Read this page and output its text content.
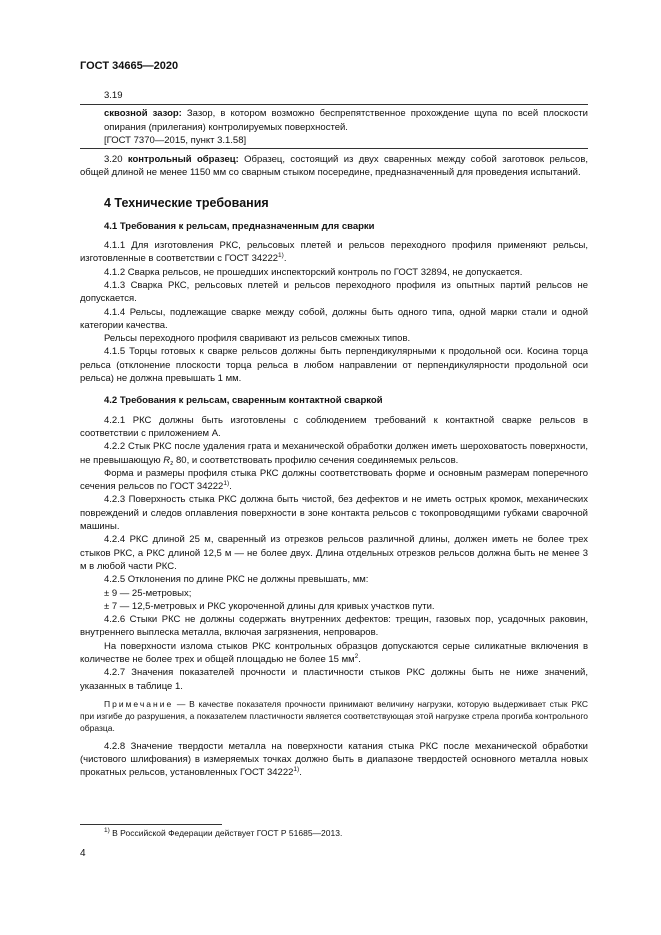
ГОСТ 34665—2020

3.19

сквозной зазор: Зазор, в котором возможно беспрепятственное прохождение щупа по всей плоскости опирания (прилегания) контролируемых поверхностей.

[ГОСТ 7370—2015, пункт 3.1.58]

3.20 контрольный образец: Образец, состоящий из двух сваренных между собой заготовок рельсов, общей длиной не менее 1150 мм со сварным стыком посередине, предназначенный для проведения испытаний.

4 Технические требования
4.1 Требования к рельсам, предназначенным для сварки

4.1.1 Для изготовления РКС, рельсовых плетей и рельсов переходного профиля применяют рельсы, изготовленные в соответствии с ГОСТ 34222$^{1)}$.

4.1.2 Сварка рельсов, не прошедших инспекторский контроль по ГОСТ 32894, не допускается.

4.1.3 Сварка РКС, рельсовых плетей и рельсов переходного профиля из опытных партий рельсов не допускается.

4.1.4 Рельсы, подлежащие сварке между собой, должны быть одного типа, одной марки стали и одной категории качества.

Рельсы переходного профиля сваривают из рельсов смежных типов.

4.1.5 Торцы готовых к сварке рельсов должны быть перпендикулярными к продольной оси. Косина торца рельса (отклонение плоскости торца рельса в любом направлении от перпендикулярности продольной оси рельса) не должна превышать 1 мм.

4.2 Требования к рельсам, сваренным контактной сваркой

4.2.1 РКС должны быть изготовлены с соблюдением требований к контактной сварке рельсов в соответствии с приложением А.

4.2.2 Стык РКС после удаления грата и механической обработки должен иметь шероховатость поверхности, не превышающую $R_z$ 80, и соответствовать профилю сечения соединяемых рельсов.

Форма и размеры профиля стыка РКС должны соответствовать форме и основным размерам поперечного сечения рельсов по ГОСТ 34222$^{1)}$.

4.2.3 Поверхность стыка РКС должна быть чистой, без дефектов и не иметь острых кромок, механических повреждений и следов оплавления поверхности в зоне контакта рельсов с токопроводящими губками сварочной машины.

4.2.4 РКС длиной 25 м, сваренный из отрезков рельсов различной длины, должен иметь не более трех стыков РКС, а РКС длиной 12,5 м — не более двух. Длина отдельных отрезков рельсов должна быть не менее 3 м в любой части РКС.

4.2.5 Отклонения по длине РКС не должны превышать, мм:

± 9 — 25-метровых;

± 7 — 12,5-метровых и РКС укороченной длины для кривых участков пути.

4.2.6 Стыки РКС не должны содержать внутренних дефектов: трещин, газовых пор, усадочных раковин, внутреннего выплеска металла, включая загрязнения, непроваров.

На поверхности излома стыков РКС контрольных образцов допускаются серые силикатные включения в количестве не более трех и общей площадью не более 15 $мм^2$.

4.2.7 Значения показателей прочности и пластичности стыков РКС должны быть не ниже значений, указанных в таблице 1.

Примечание — В качестве показателя прочности принимают величину нагрузки, которую выдерживает стык РКС при изгибе до разрушения, а показателем пластичности является соответствующая этой нагрузке стрела прогиба контрольного образца.

4.2.8 Значение твердости металла на поверхности катания стыка РКС после механической обработки (чистового шлифования) в измеряемых точках должно быть в диапазоне твердостей основного металла новых прокатных рельсов, установленных ГОСТ 34222$^{1)}$.

$^{1)}$ В Российской Федерации действует ГОСТ Р 51685—2013.
4
